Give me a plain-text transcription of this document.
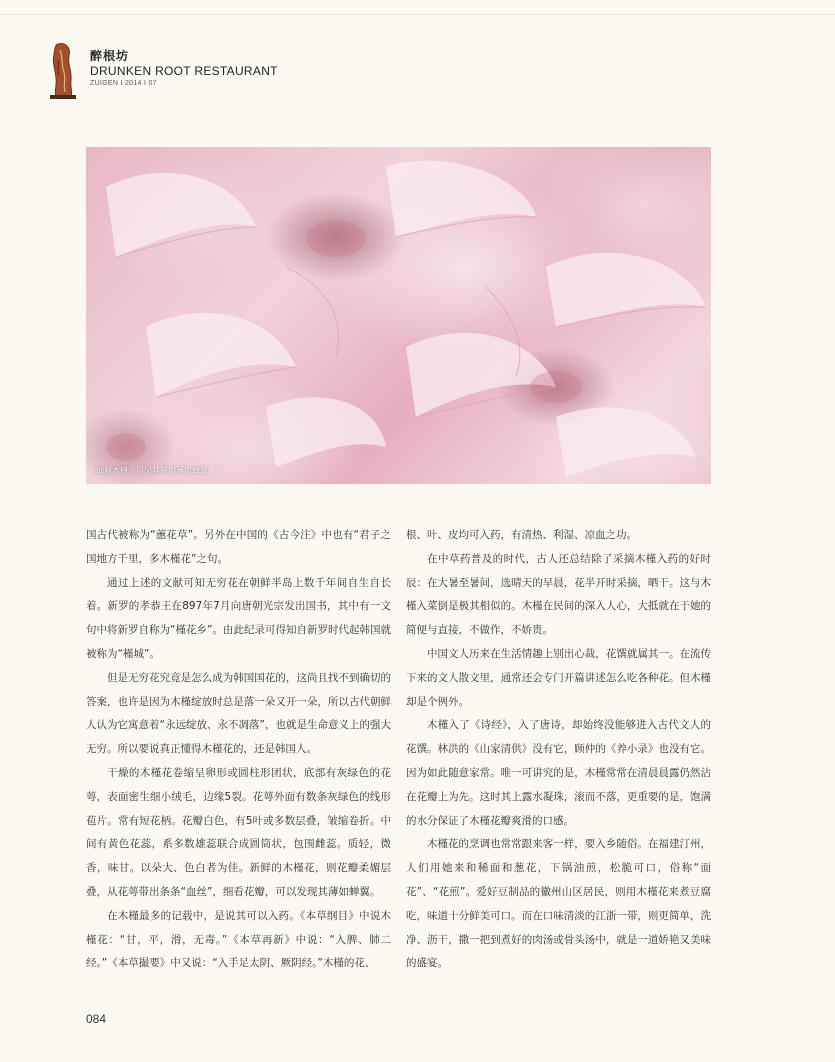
醉根坊
DRUNKEN ROOT RESTAURANT
ZUIGEN I 2014 I 07
细观木槿，可见其花瓣薄如蝉翼

国古代被称为“蕙花草”。另外在中国的《古今注》中也有“君子之国地方千里，多木槿花”之句。

通过上述的文献可知无穷花在朝鲜半岛上数千年间自生自长着。新罗的孝恭王在897年7月向唐朝光宗发出国书，其中有一文句中将新罗自称为“槿花乡”。由此纪录可得知自新罗时代起韩国就被称为“槿城”。

但是无穷花究竟是怎么成为韩国国花的，这尚且找不到确切的答案，也许是因为木槿绽放时总是落一朵又开一朵，所以古代朝鲜人认为它寓意着“永远绽放、永不凋落”，也就是生命意义上的强大无穷。所以要说真正懂得木槿花的，还是韩国人。

干燥的木槿花卷缩呈卵形或圆柱形团状，底部有灰绿色的花萼，表面密生细小绒毛，边缘5裂。花萼外面有数条灰绿色的线形苞片。常有短花柄。花瓣白色，有5叶或多数层叠，皱缩卷折。中间有黄色花蕊，系多数雄蕊联合成圆筒状，包围雌蕊。质轻，微香，味甘。以朵大、色白者为佳。新鲜的木槿花，则花瓣柔媚层叠，从花萼带出条条“血丝”，细看花瓣，可以发现其薄如蝉翼。

在木槿最多的记载中，是说其可以入药。《本草纲目》中说木槿花：“甘，平，滑，无毒。”《本草再新》中说：“入脾、肺二经。”《本草撮要》中又说：“入手足太阴、厥阴经。”木槿的花、

根、叶、皮均可入药，有清热、利湿、凉血之功。

在中草药普及的时代，古人还总结除了采摘木槿入药的好时辰：在大暑至暑间，选晴天的早晨，花半开时采摘，晒干。这与木槿入菜倒是极其相似的。木槿在民间的深入人心，大抵就在于她的简便与直接，不做作，不娇贵。

中国文人历来在生活情趣上别出心裁，花馔就属其一。在流传下来的文人散文里，通常还会专门开篇讲述怎么吃各种花。但木槿却是个例外。

木槿入了《诗经》，入了唐诗，却始终没能够进入古代文人的花馔。林洪的《山家清供》没有它，顾仲的《养小录》也没有它。因为如此随意家常。唯一可讲究的是，木槿常常在清晨晨露仍然沾在花瓣上为先。这时其上露水凝珠，滚而不落，更重要的是，饱满的水分保证了木槿花瓣爽滑的口感。

木槿花的烹调也常常跟来客一样，要入乡随俗。在福建汀州，人们用她来和稀面和葱花，下锅油煎，松脆可口，俗称“面花”、“花煎”。爱好豆制品的徽州山区居民，则用木槿花来煮豆腐吃，味道十分鲜美可口。而在口味清淡的江浙一带，则更简单，洗净、沥干，撒一把到煮好的肉汤或骨头汤中，就是一道娇艳又美味的盛宴。

084
